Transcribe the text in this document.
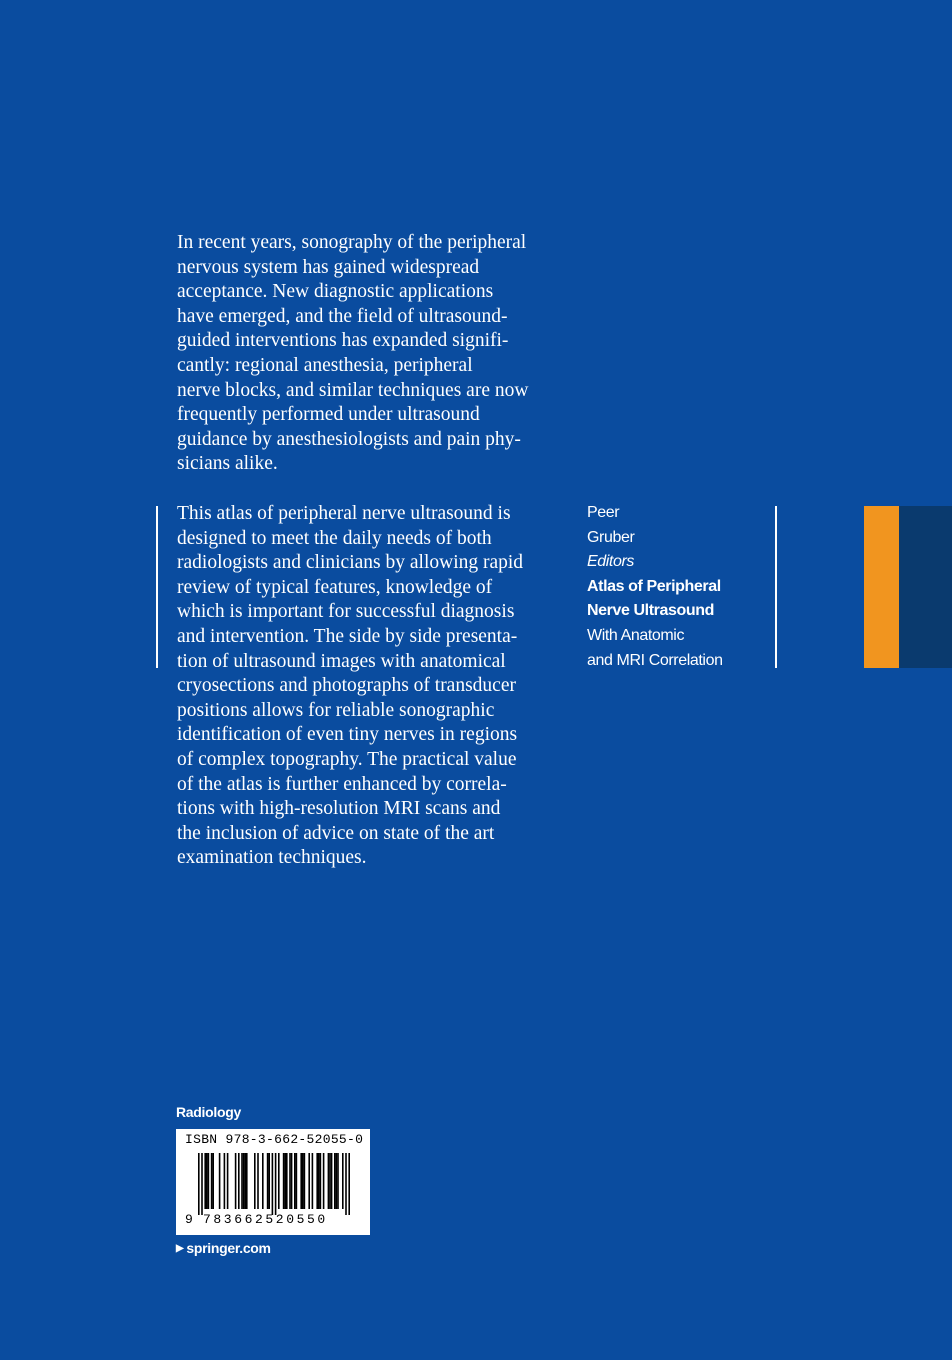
In recent years, sonography of the peripheral
nervous system has gained widespread
acceptance. New diagnostic applications
have emerged, and the field of ultrasound-
guided interventions has expanded signifi-
cantly: regional anesthesia, peripheral
nerve blocks, and similar techniques are now
frequently performed under ultrasound
guidance by anesthesiologists and pain phy-
sicians alike.

This atlas of peripheral nerve ultrasound is
designed to meet the daily needs of both
radiologists and clinicians by allowing rapid
review of typical features, knowledge of
which is important for successful diagnosis
and intervention. The side by side presenta-
tion of ultrasound images with anatomical
cryosections and photographs of transducer
positions allows for reliable sonographic
identification of even tiny nerves in regions
of complex topography. The practical value
of the atlas is further enhanced by correla-
tions with high-resolution MRI scans and
the inclusion of advice on state of the art
examination techniques.

Peer
Gruber
Editors
Atlas of Peripheral
Nerve Ultrasound
With Anatomic
and MRI Correlation
Radiology
ISBN 978-3-662-52055-0
9 783662520550
▶ springer.com
